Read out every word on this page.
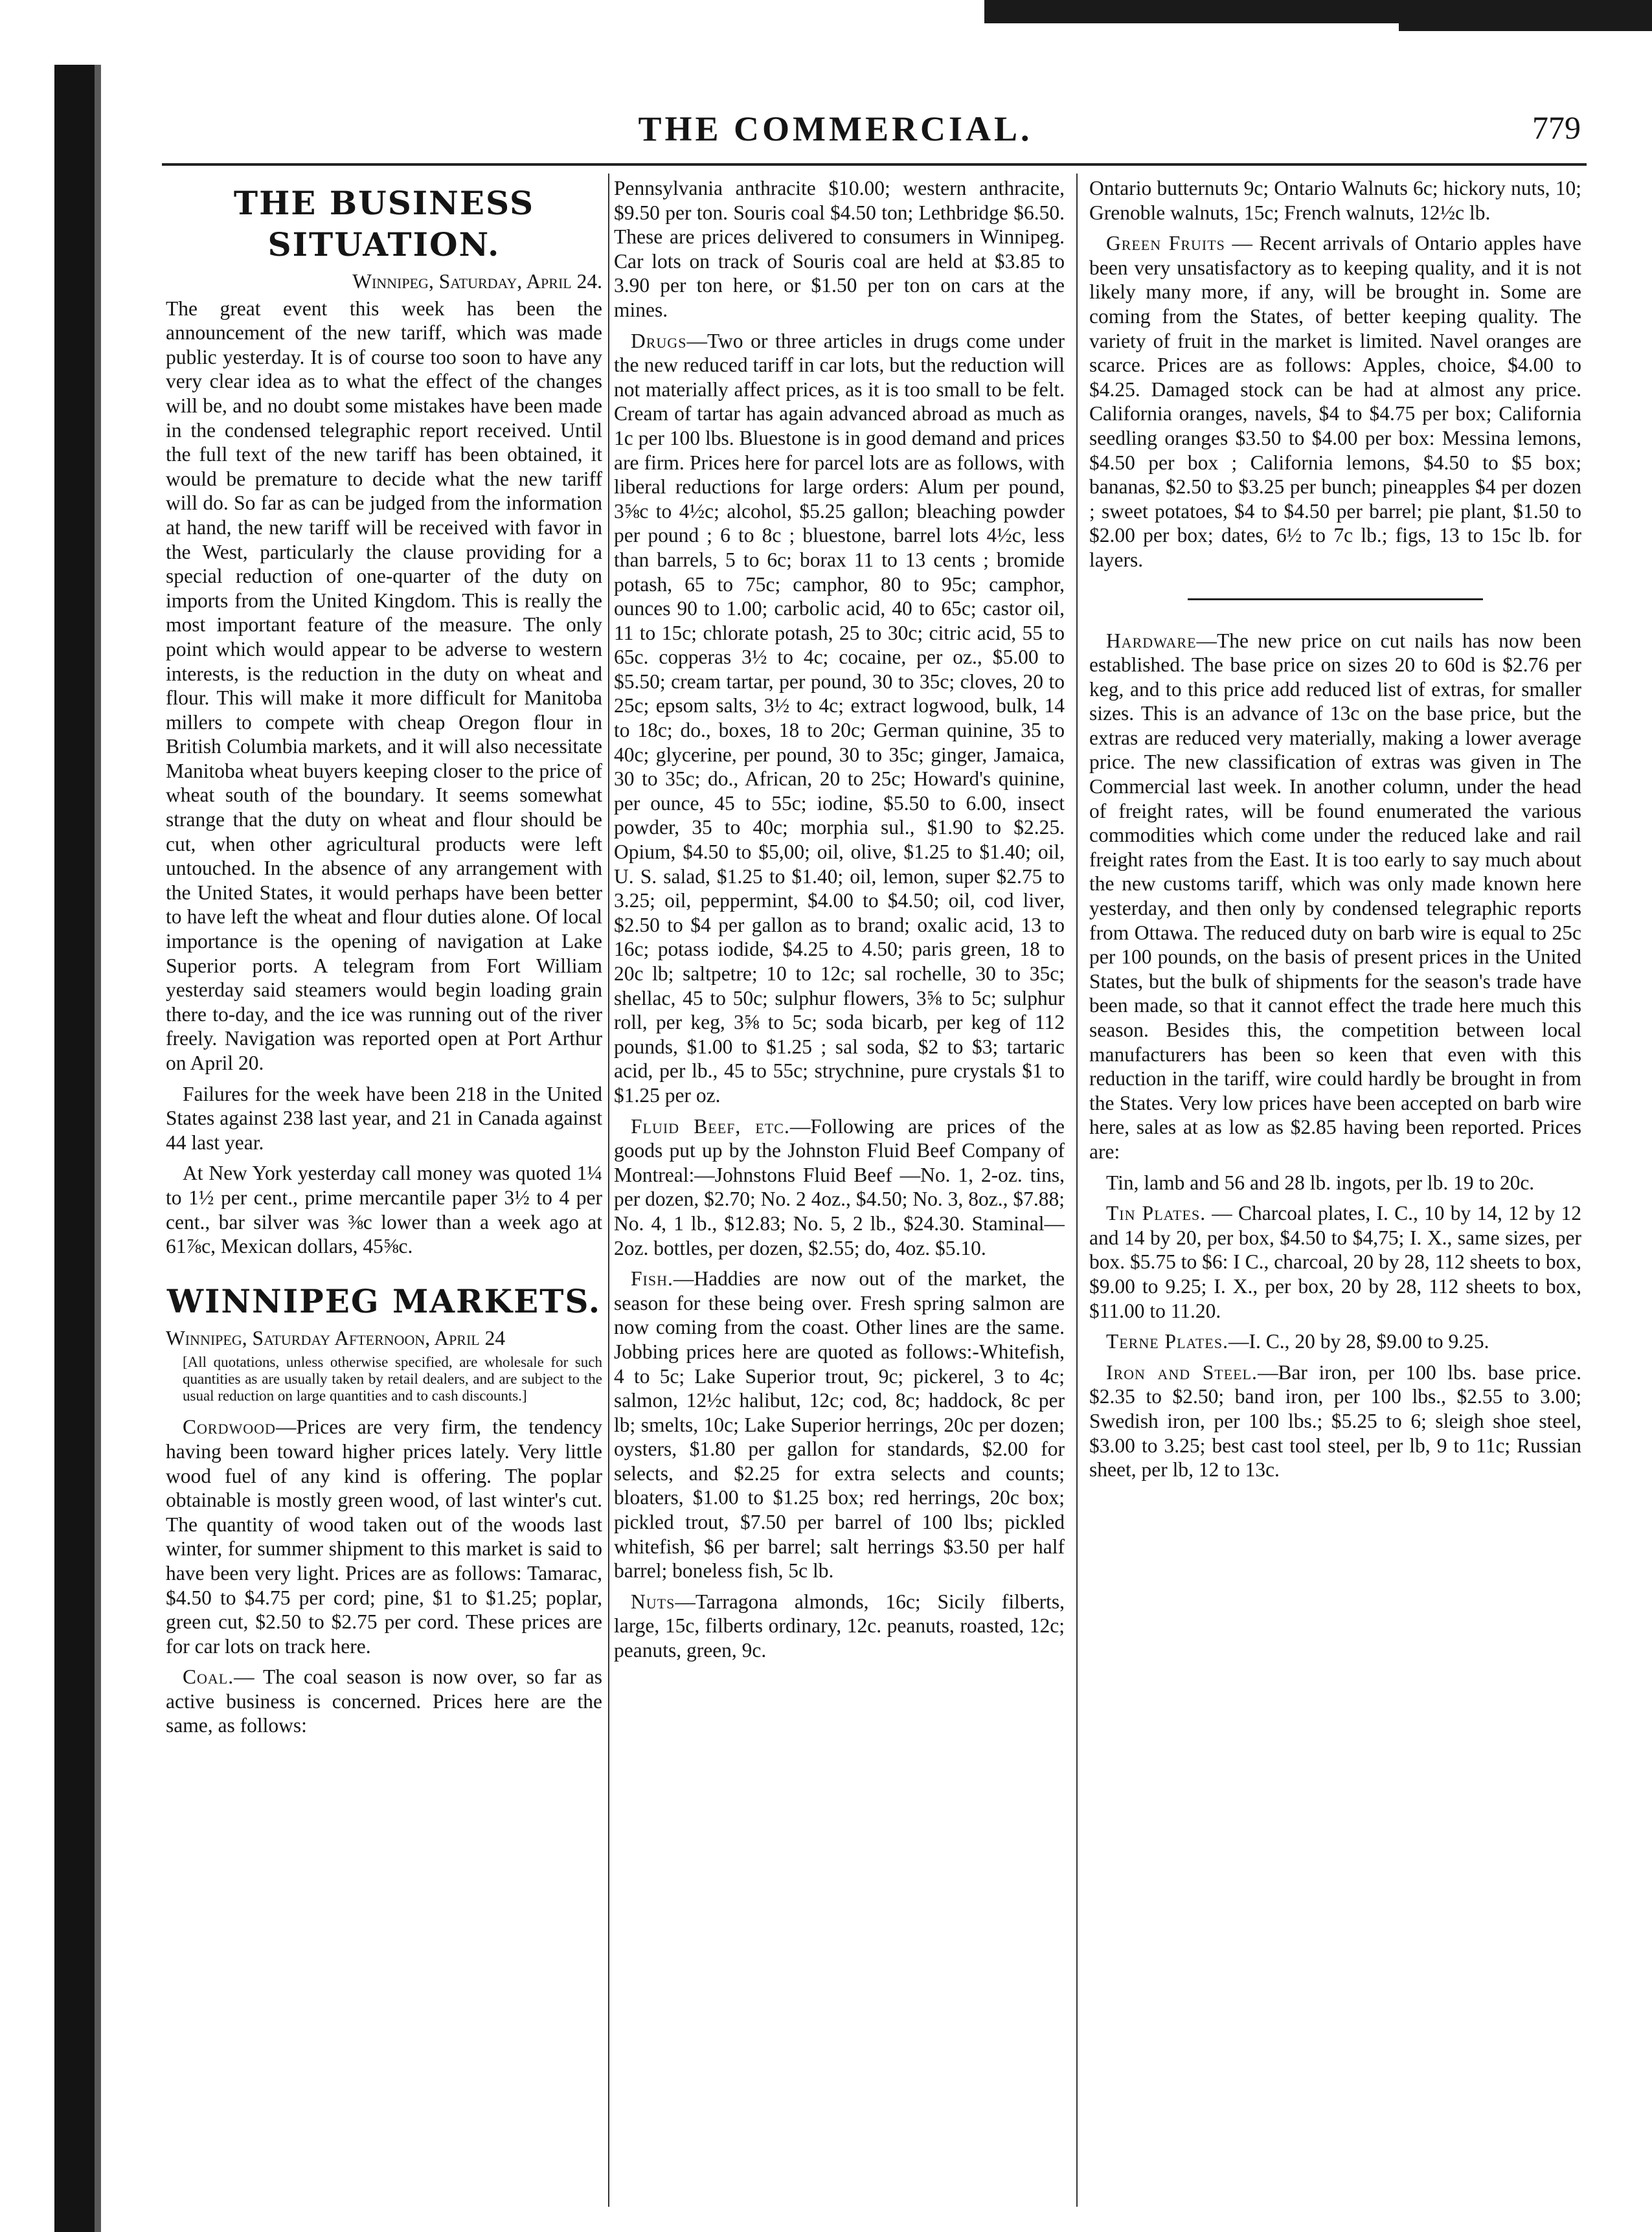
THE COMMERCIAL.	779
THE BUSINESS SITUATION.
Winnipeg, Saturday, April 24.

The great event this week has been the announcement of the new tariff, which was made public yesterday. It is of course too soon to have any very clear idea as to what the effect of the changes will be, and no doubt some mistakes have been made in the condensed telegraphic report received. Until the full text of the new tariff has been obtained, it would be premature to decide what the new tariff will do. So far as can be judged from the information at hand, the new tariff will be received with favor in the West, particularly the clause providing for a special reduction of one-quarter of the duty on imports from the United Kingdom. This is really the most important feature of the measure. The only point which would appear to be adverse to western interests, is the reduction in the duty on wheat and flour. This will make it more difficult for Manitoba millers to compete with cheap Oregon flour in British Columbia markets, and it will also necessitate Manitoba wheat buyers keeping closer to the price of wheat south of the boundary. It seems somewhat strange that the duty on wheat and flour should be cut, when other agricultural products were left untouched. In the absence of any arrangement with the United States, it would perhaps have been better to have left the wheat and flour duties alone. Of local importance is the opening of navigation at Lake Superior ports. A telegram from Fort William yesterday said steamers would begin loading grain there to-day, and the ice was running out of the river freely. Navigation was reported open at Port Arthur on April 20.

Failures for the week have been 218 in the United States against 238 last year, and 21 in Canada against 44 last year.

At New York yesterday call money was quoted 1¼ to 1½ per cent., prime mercantile paper 3½ to 4 per cent., bar silver was ⅜c lower than a week ago at 61⅞c, Mexican dollars, 45⅝c.

WINNIPEG MARKETS.
Winnipeg, Saturday Afternoon, April 24
[All quotations, unless otherwise specified, are wholesale for such quantities as are usually taken by retail dealers, and are subject to the usual reduction on large quantities and to cash discounts.]

Cordwood—Prices are very firm, the tendency having been toward higher prices lately. Very little wood fuel of any kind is offering. The poplar obtainable is mostly green wood, of last winter's cut. The quantity of wood taken out of the woods last winter, for summer shipment to this market is said to have been very light. Prices are as follows: Tamarac, $4.50 to $4.75 per cord; pine, $1 to $1.25; poplar, green cut, $2.50 to $2.75 per cord. These prices are for car lots on track here.

Coal.— The coal season is now over, so far as active business is concerned. Prices here are the same, as follows:

Pennsylvania anthracite $10.00; western anthracite, $9.50 per ton. Souris coal $4.50 ton; Lethbridge $6.50. These are prices delivered to consumers in Winnipeg. Car lots on track of Souris coal are held at $3.85 to 3.90 per ton here, or $1.50 per ton on cars at the mines.

Drugs—Two or three articles in drugs come under the new reduced tariff in car lots, but the reduction will not materially affect prices, as it is too small to be felt. Cream of tartar has again advanced abroad as much as 1c per 100 lbs. Bluestone is in good demand and prices are firm. Prices here for parcel lots are as follows, with liberal reductions for large orders: Alum per pound, 3⅝c to 4½c; alcohol, $5.25 gallon; bleaching powder per pound ; 6 to 8c ; bluestone, barrel lots 4½c, less than barrels, 5 to 6c; borax 11 to 13 cents ; bromide potash, 65 to 75c; camphor, 80 to 95c; camphor, ounces 90 to 1.00; carbolic acid, 40 to 65c; castor oil, 11 to 15c; chlorate potash, 25 to 30c; citric acid, 55 to 65c. copperas 3½ to 4c; cocaine, per oz., $5.00 to $5.50; cream tartar, per pound, 30 to 35c; cloves, 20 to 25c; epsom salts, 3½ to 4c; extract logwood, bulk, 14 to 18c; do., boxes, 18 to 20c; German quinine, 35 to 40c; glycerine, per pound, 30 to 35c; ginger, Jamaica, 30 to 35c; do., African, 20 to 25c; Howard's quinine, per ounce, 45 to 55c; iodine, $5.50 to 6.00, insect powder, 35 to 40c; morphia sul., $1.90 to $2.25. Opium, $4.50 to $5,00; oil, olive, $1.25 to $1.40; oil, U. S. salad, $1.25 to $1.40; oil, lemon, super $2.75 to 3.25; oil, peppermint, $4.00 to $4.50; oil, cod liver, $2.50 to $4 per gallon as to brand; oxalic acid, 13 to 16c; potass iodide, $4.25 to 4.50; paris green, 18 to 20c lb; saltpetre; 10 to 12c; sal rochelle, 30 to 35c; shellac, 45 to 50c; sulphur flowers, 3⅝ to 5c; sulphur roll, per keg, 3⅝ to 5c; soda bicarb, per keg of 112 pounds, $1.00 to $1.25 ; sal soda, $2 to $3; tartaric acid, per lb., 45 to 55c; strychnine, pure crystals $1 to $1.25 per oz.

Fluid Beef, etc.—Following are prices of the goods put up by the Johnston Fluid Beef Company of Montreal:—Johnstons Fluid Beef —No. 1, 2-oz. tins, per dozen, $2.70; No. 2 4oz., $4.50; No. 3, 8oz., $7.88; No. 4, 1 lb., $12.83; No. 5, 2 lb., $24.30. Staminal—2oz. bottles, per dozen, $2.55; do, 4oz. $5.10.

Fish.—Haddies are now out of the market, the season for these being over. Fresh spring salmon are now coming from the coast. Other lines are the same. Jobbing prices here are quoted as follows:-Whitefish, 4 to 5c; Lake Superior trout, 9c; pickerel, 3 to 4c; salmon, 12½c halibut, 12c; cod, 8c; haddock, 8c per lb; smelts, 10c; Lake Superior herrings, 20c per dozen; oysters, $1.80 per gallon for standards, $2.00 for selects, and $2.25 for extra selects and counts; bloaters, $1.00 to $1.25 box; red herrings, 20c box; pickled trout, $7.50 per barrel of 100 lbs; pickled whitefish, $6 per barrel; salt herrings $3.50 per half barrel; boneless fish, 5c lb.

Nuts—Tarragona almonds, 16c; Sicily filberts, large, 15c, filberts ordinary, 12c. peanuts, roasted, 12c; peanuts, green, 9c.

Ontario butternuts 9c; Ontario Walnuts 6c; hickory nuts, 10; Grenoble walnuts, 15c; French walnuts, 12½c lb.

Green Fruits — Recent arrivals of Ontario apples have been very unsatisfactory as to keeping quality, and it is not likely many more, if any, will be brought in. Some are coming from the States, of better keeping quality. The variety of fruit in the market is limited. Navel oranges are scarce. Prices are as follows: Apples, choice, $4.00 to $4.25. Damaged stock can be had at almost any price. California oranges, navels, $4 to $4.75 per box; California seedling oranges $3.50 to $4.00 per box: Messina lemons, $4.50 per box ; California lemons, $4.50 to $5 box; bananas, $2.50 to $3.25 per bunch; pineapples $4 per dozen ; sweet potatoes, $4 to $4.50 per barrel; pie plant, $1.50 to $2.00 per box; dates, 6½ to 7c lb.; figs, 13 to 15c lb. for layers.

Hardware—The new price on cut nails has now been established. The base price on sizes 20 to 60d is $2.76 per keg, and to this price add reduced list of extras, for smaller sizes. This is an advance of 13c on the base price, but the extras are reduced very materially, making a lower average price. The new classification of extras was given in The Commercial last week. In another column, under the head of freight rates, will be found enumerated the various commodities which come under the reduced lake and rail freight rates from the East. It is too early to say much about the new customs tariff, which was only made known here yesterday, and then only by condensed telegraphic reports from Ottawa. The reduced duty on barb wire is equal to 25c per 100 pounds, on the basis of present prices in the United States, but the bulk of shipments for the season's trade have been made, so that it cannot effect the trade here much this season. Besides this, the competition between local manufacturers has been so keen that even with this reduction in the tariff, wire could hardly be brought in from the States. Very low prices have been accepted on barb wire here, sales at as low as $2.85 having been reported. Prices are:

Tin, lamb and 56 and 28 lb. ingots, per lb. 19 to 20c.

Tin Plates. — Charcoal plates, I. C., 10 by 14, 12 by 12 and 14 by 20, per box, $4.50 to $4,75; I. X., same sizes, per box. $5.75 to $6: I C., charcoal, 20 by 28, 112 sheets to box, $9.00 to 9.25; I. X., per box, 20 by 28, 112 sheets to box, $11.00 to 11.20.

Terne Plates.—I. C., 20 by 28, $9.00 to 9.25.

Iron and Steel.—Bar iron, per 100 lbs. base price. $2.35 to $2.50; band iron, per 100 lbs., $2.55 to 3.00; Swedish iron, per 100 lbs.; $5.25 to 6; sleigh shoe steel, $3.00 to 3.25; best cast tool steel, per lb, 9 to 11c; Russian sheet, per lb, 12 to 13c.
